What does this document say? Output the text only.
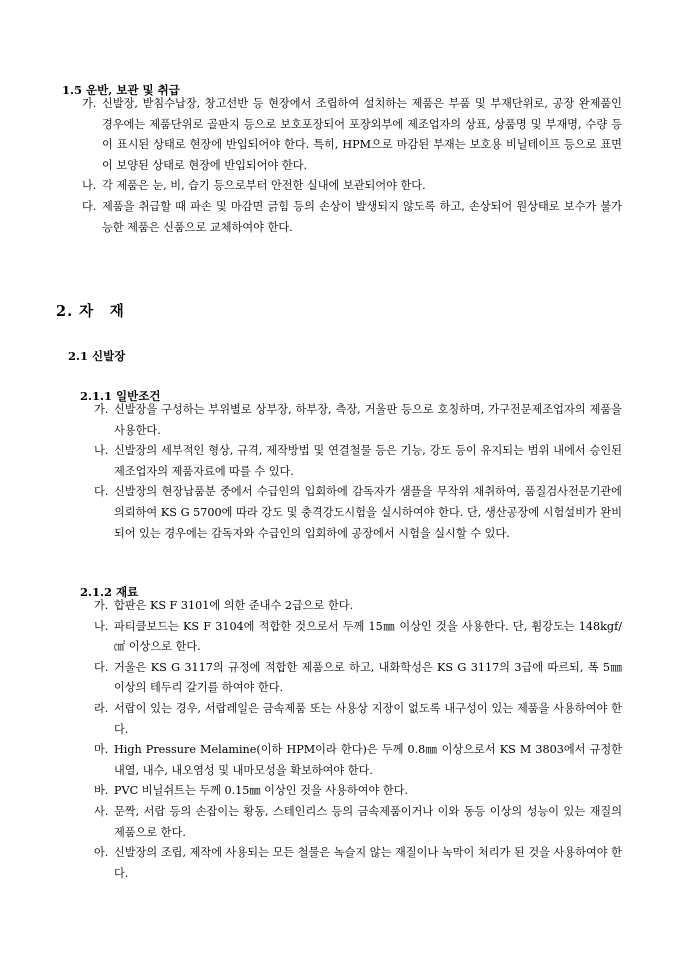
1.5 운반, 보관 및 취급
가. 신발장, 받침수납장, 창고선반 등 현장에서 조립하여 설치하는 제품은 부품 및 부재단위로, 공장 완제품인 경우에는 제품단위로 골판지 등으로 보호포장되어 포장외부에 제조업자의 상표, 상품명 및 부재명, 수량 등이 표시된 상태로 현장에 반입되어야 한다. 특히, HPM으로 마감된 부재는 보호용 비닐테이프 등으로 표면이 보양된 상태로 현장에 반입되어야 한다.
나. 각 제품은 눈, 비, 습기 등으로부터 안전한 실내에 보관되어야 한다.
다. 제품을 취급할 때 파손 및 마감면 긁힘 등의 손상이 발생되지 않도록 하고, 손상되어 원상태로 보수가 불가능한 제품은 신품으로 교체하여야 한다.
2. 자　재
2.1 신발장
2.1.1 일반조건
가. 신발장을 구성하는 부위별로 상부장, 하부장, 측장, 거울판 등으로 호칭하며, 가구전문제조업자의 제품을 사용한다.
나. 신발장의 세부적인 형상, 규격, 제작방법 및 연결철물 등은 기능, 강도 등이 유지되는 범위 내에서 승인된 제조업자의 제품자료에 따를 수 있다.
다. 신발장의 현장납품분 중에서 수급인의 입회하에 감독자가 샘플을 무작위 채취하여, 품질검사전문기관에 의뢰하여 KS G 5700에 따라 강도 및 충격강도시험을 실시하여야 한다. 단, 생산공장에 시험설비가 완비되어 있는 경우에는 감독자와 수급인의 입회하에 공장에서 시험을 실시할 수 있다.
2.1.2 재료
가. 합판은 KS F 3101에 의한 준내수 2급으로 한다.
나. 파티클보드는 KS F 3104에 적합한 것으로서 두께 15㎜ 이상인 것을 사용한다. 단, 휨강도는 148kgf/㎠ 이상으로 한다.
다. 거울은 KS G 3117의 규정에 적합한 제품으로 하고, 내화학성은 KS G 3117의 3급에 따르되, 폭 5㎜ 이상의 테두리 갈기를 하여야 한다.
라. 서랍이 있는 경우, 서랍레일은 금속제품 또는 사용상 지장이 없도록 내구성이 있는 제품을 사용하여야 한다.
마. High Pressure Melamine(이하 HPM이라 한다)은 두께 0.8㎜ 이상으로서 KS M 3803에서 규정한 내열, 내수, 내오염성 및 내마모성을 확보하여야 한다.
바. PVC 비닐쉬트는 두께 0.15㎜ 이상인 것을 사용하여야 한다.
사. 문짝, 서랍 등의 손잡이는 황동, 스테인리스 등의 금속제품이거나 이와 동등 이상의 성능이 있는 재질의 제품으로 한다.
아. 신발장의 조립, 제작에 사용되는 모든 철물은 녹슬지 않는 재질이나 녹막이 처리가 된 것을 사용하여야 한다.
